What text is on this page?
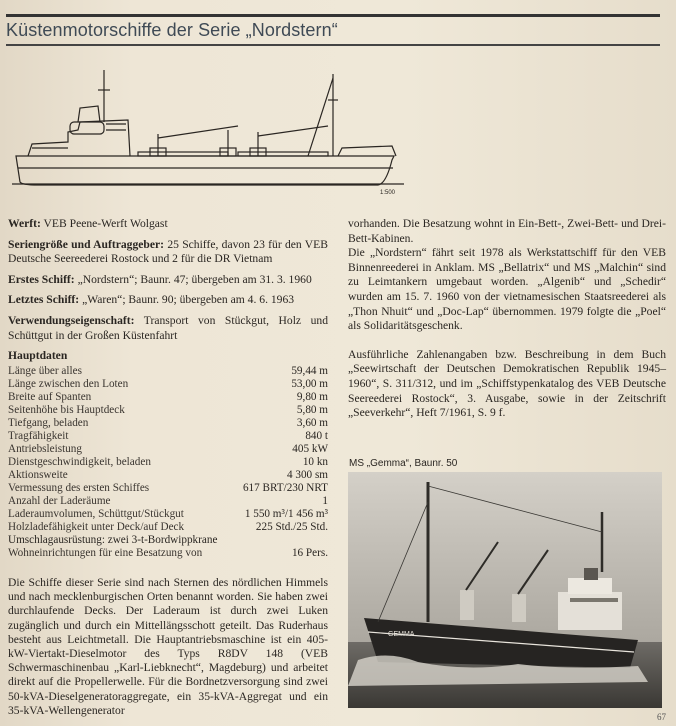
Küstenmotorschiffe der Serie „Nordstern“
1:500

Werft: VEB Peene-Werft Wolgast

Seriengröße und Auftraggeber: 25 Schiffe, davon 23 für den VEB Deutsche Seereederei Rostock und 2 für die DR Vietnam

Erstes Schiff: „Nordstern“; Baunr. 47; übergeben am 31. 3. 1960

Letztes Schiff: „Waren“; Baunr. 90; übergeben am 4. 6. 1963

Verwendungseigenschaft: Transport von Stückgut, Holz und Schüttgut in der Großen Küstenfahrt

Hauptdaten
Länge über alles	59,44 m
Länge zwischen den Loten	53,00 m
Breite auf Spanten	9,80 m
Seitenhöhe bis Hauptdeck	5,80 m
Tiefgang, beladen	3,60 m
Tragfähigkeit	840 t
Antriebsleistung	405 kW
Dienstgeschwindigkeit, beladen	10 kn
Aktionsweite	4 300 sm
Vermessung des ersten Schiffes	617 BRT/230 NRT
Anzahl der Laderäume	1
Laderaumvolumen, Schüttgut/Stückgut	1 550 m³/1 456 m³
Holzladefähigkeit unter Deck/auf Deck	225 Std./25 Std.
Umschlagausrüstung: zwei 3-t-Bordwippkrane
Wohneinrichtungen für eine Besatzung von	16 Pers.

Die Schiffe dieser Serie sind nach Sternen des nördlichen Himmels und nach mecklenburgischen Orten benannt worden. Sie haben zwei durchlaufende Decks. Der Laderaum ist durch zwei Luken zugänglich und durch ein Mittellängsschott geteilt. Das Ruderhaus besteht aus Leichtmetall. Die Hauptantriebsmaschine ist ein 405-kW-Viertakt-Dieselmotor des Typs R8DV 148 (VEB Schwermaschinenbau „Karl-Liebknecht“, Magdeburg) und arbeitet direkt auf die Propellerwelle. Für die Bordnetzversorgung sind zwei 50-kVA-Dieselgeneratoraggregate, ein 35-kVA-Aggregat und ein 35-kVA-Wellengenerator

vorhanden. Die Besatzung wohnt in Ein-Bett-, Zwei-Bett- und Drei-Bett-Kabinen.

Die „Nordstern“ fährt seit 1978 als Werkstattschiff für den VEB Binnenreederei in Anklam. MS „Bellatrix“ und MS „Malchin“ sind zu Leimtankern umgebaut worden. „Algenib“ und „Schedir“ wurden am 15. 7. 1960 von der vietnamesischen Staatsreederei als „Thon Nhuit“ und „Doc-Lap“ übernommen. 1979 folgte die „Poel“ als Solidaritätsgeschenk.

Ausführliche Zahlenangaben bzw. Beschreibung in dem Buch „Seewirtschaft der Deutschen Demokratischen Republik 1945–1960“, S. 311/312, und im „Schiffstypenkatalog des VEB Deutsche Seereederei Rostock“, 3. Ausgabe, sowie in der Zeitschrift „Seeverkehr“, Heft 7/1961, S. 9 f.

MS „Gemma“, Baunr. 50
GEMMA
67
